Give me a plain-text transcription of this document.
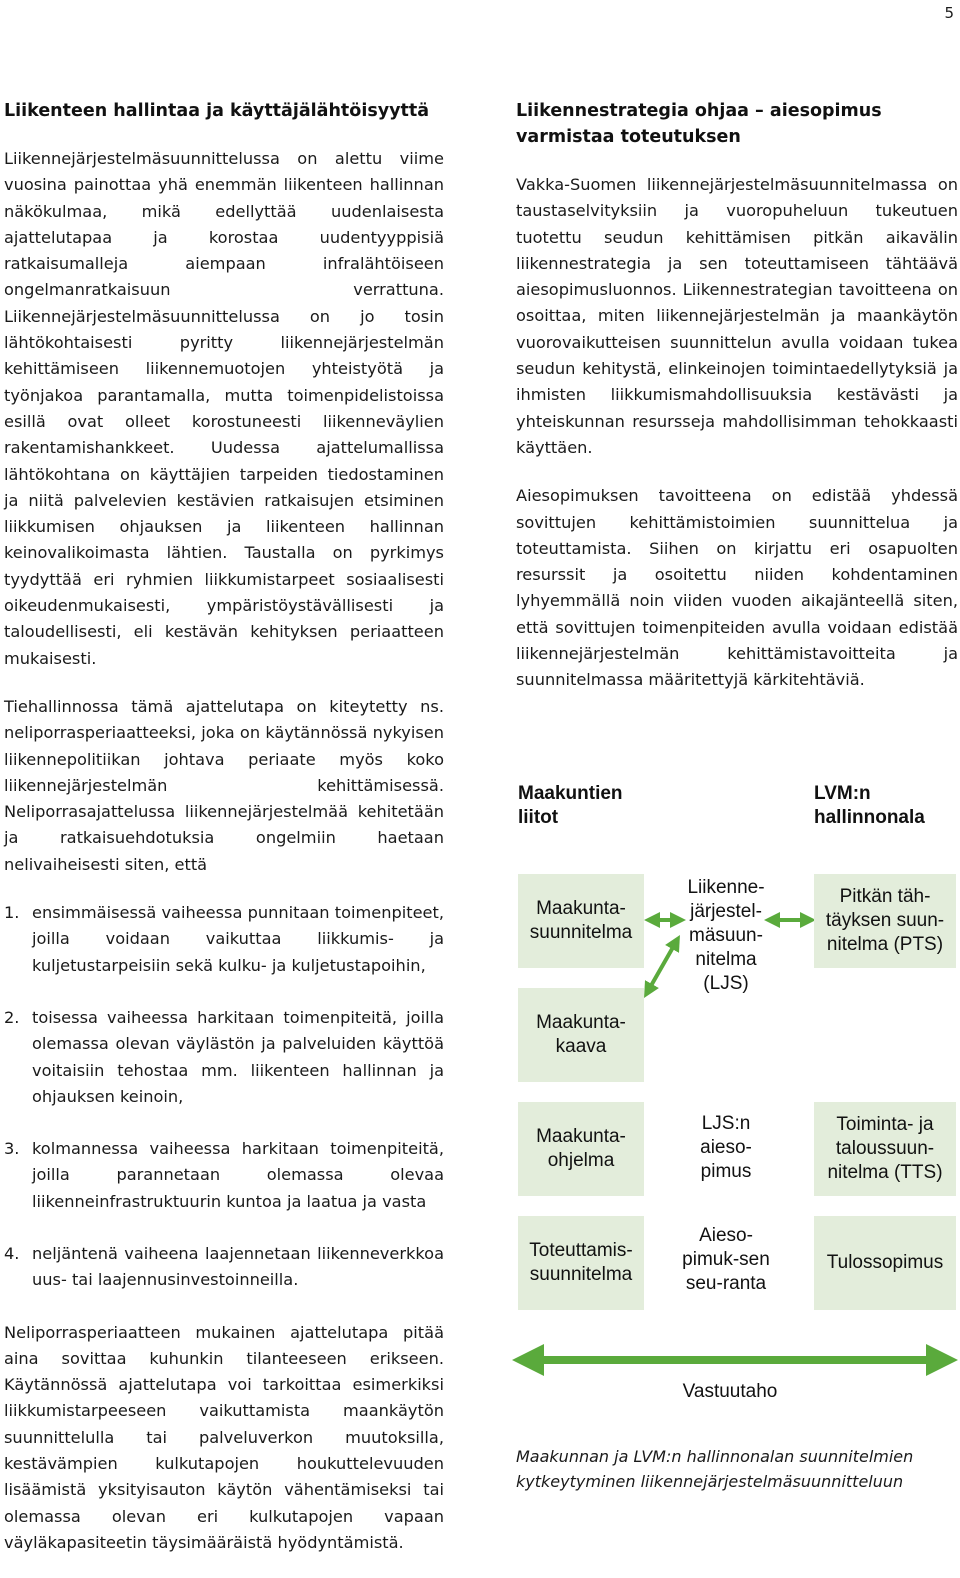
5
Liikenteen hallintaa ja käyttäjälähtöisyyttä

Liikennejärjestelmäsuunnittelussa on alettu viime vuosina painottaa yhä enemmän liikenteen hallinnan näkökulmaa, mikä edellyttää uudenlaisesta ajattelutapaa ja korostaa uudentyyppisiä ratkaisumalleja aiempaan infralähtöiseen ongelmanratkaisuun verrattuna. Liikennejärjestelmäsuunnittelussa on jo tosin lähtökohtaisesti pyritty liikennejärjestelmän kehittämiseen liikennemuotojen yhteistyötä ja työnjakoa parantamalla, mutta toimenpidelistoissa esillä ovat olleet korostuneesti liikenneväylien rakentamishankkeet. Uudessa ajattelumallissa lähtökohtana on käyttäjien tarpeiden tiedostaminen ja niitä palvelevien kestävien ratkaisujen etsiminen liikkumisen ohjauksen ja liikenteen hallinnan keinovalikoimasta lähtien. Taustalla on pyrkimys tyydyttää eri ryhmien liikkumistarpeet sosiaalisesti oikeudenmukaisesti, ympäristöystävällisesti ja taloudellisesti, eli kestävän kehityksen periaatteen mukaisesti.

Tiehallinnossa tämä ajattelutapa on kiteytetty ns. neliporrasperiaatteeksi, joka on käytännössä nykyisen liikennepolitiikan johtava periaate myös koko liikennejärjestelmän kehittämisessä. Neliporrasajattelussa liikennejärjestelmää kehitetään ja ratkaisuehdotuksia ongelmiin haetaan nelivaiheisesti siten, että

1. ensimmäisessä vaiheessa punnitaan toimenpiteet, joilla voidaan vaikuttaa liikkumis- ja kuljetustarpeisiin sekä kulku- ja kuljetustapoihin,
2. toisessa vaiheessa harkitaan toimenpiteitä, joilla olemassa olevan väylästön ja palveluiden käyttöä voitaisiin tehostaa mm. liikenteen hallinnan ja ohjauksen keinoin,
3. kolmannessa vaiheessa harkitaan toimenpiteitä, joilla parannetaan olemassa olevaa liikenneinfrastruktuurin kuntoa ja laatua ja vasta
4. neljäntenä vaiheena laajennetaan liikenneverkkoa uus- tai laajennusinvestoinneilla.

Neliporrasperiaatteen mukainen ajattelutapa pitää aina sovittaa kuhunkin tilanteeseen erikseen. Käytännössä ajattelutapa voi tarkoittaa esimerkiksi liikkumistarpeeseen vaikuttamista maankäytön suunnittelulla tai palveluverkon muutoksilla, kestävämpien kulkutapojen houkuttelevuuden lisäämistä yksityisauton käytön vähentämiseksi tai olemassa olevan eri kulkutapojen vapaan väyläkapasiteetin täysimääräistä hyödyntämistä.

Liikennestrategia ohjaa – aiesopimus varmistaa toteutuksen

Vakka-Suomen liikennejärjestelmäsuunnitelmassa on taustaselvityksiin ja vuoropuheluun tukeutuen tuotettu seudun kehittämisen pitkän aikavälin liikennestrategia ja sen toteuttamiseen tähtäävä aiesopimusluonnos. Liikennestrategian tavoitteena on osoittaa, miten liikennejärjestelmän ja maankäytön vuorovaikutteisen suunnittelun avulla voidaan tukea seudun kehitystä, elinkeinojen toimintaedellytyksiä ja ihmisten liikkumismahdollisuuksia kestävästi ja yhteiskunnan resursseja mahdollisimman tehokkaasti käyttäen.

Aiesopimuksen tavoitteena on edistää yhdessä sovittujen kehittämistoimien suunnittelua ja toteuttamista. Siihen on kirjattu eri osapuolten resurssit ja osoitettu niiden kohdentaminen lyhyemmällä noin viiden vuoden aikajänteellä siten, että sovittujen toimenpiteiden avulla voidaan edistää liikennejärjestelmän kehittämistavoitteita ja suunnitelmassa määritettyjä kärkitehtäviä.

Maakuntien liitot
LVM:n hallinnonala
Maakunta-suunnitelma
Maakunta-kaava
Maakunta-ohjelma
Toteuttamis-suunnitelma
Liikenne-järjestel-mäsuun-nitelma (LJS)
LJS:n aieso-pimus
Aieso-pimuk-sen seu-ranta
Pitkän täh-täyksen suun-nitelma (PTS)
Toiminta- ja taloussuun-nitelma (TTS)
Tulossopimus
Vastuutaho
Maakunnan ja LVM:n hallinnonalan suunnitelmien kytkeytyminen liikennejärjestelmäsuunnitteluun
